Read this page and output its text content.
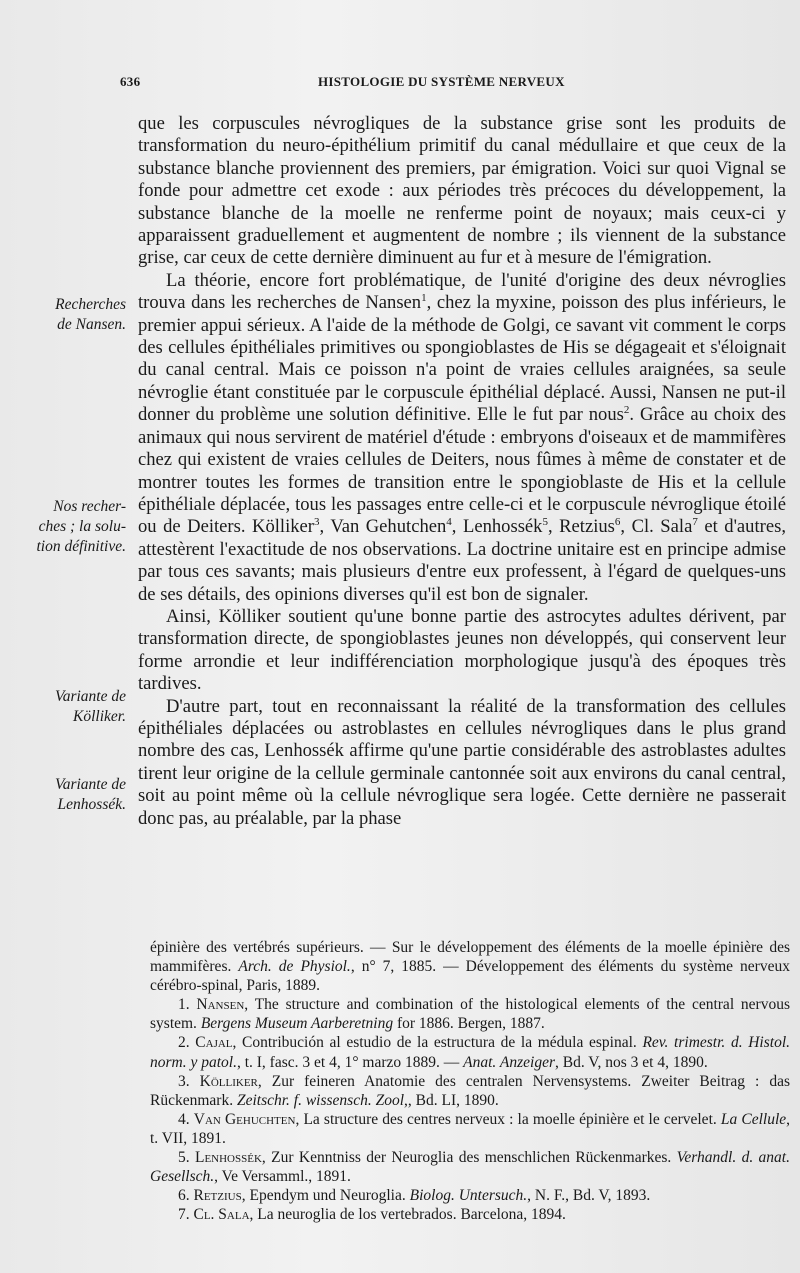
636	HISTOLOGIE DU SYSTÈME NERVEUX
Recherches
de Nansen.
Nos recher-
ches ; la solu-
tion définitive.
Variante de
Kölliker.
Variante de
Lenhossék.

que les corpuscules névrogliques de la substance grise sont les produits de transformation du neuro-épithélium primitif du canal médullaire et que ceux de la substance blanche proviennent des premiers, par émigration. Voici sur quoi Vignal se fonde pour admettre cet exode : aux périodes très précoces du développement, la substance blanche de la moelle ne renferme point de noyaux; mais ceux-ci y apparaissent graduellement et augmentent de nombre ; ils viennent de la substance grise, car ceux de cette dernière diminuent au fur et à mesure de l'émigration.

La théorie, encore fort problématique, de l'unité d'origine des deux névroglies trouva dans les recherches de Nansen$^1$, chez la myxine, poisson des plus inférieurs, le premier appui sérieux. A l'aide de la méthode de Golgi, ce savant vit comment le corps des cellules épithéliales primitives ou spongioblastes de His se dégageait et s'éloignait du canal central. Mais ce poisson n'a point de vraies cellules araignées, sa seule névroglie étant constituée par le corpuscule épithélial déplacé. Aussi, Nansen ne put-il donner du problème une solution définitive. Elle le fut par nous$^2$. Grâce au choix des animaux qui nous servirent de matériel d'étude : embryons d'oiseaux et de mammifères chez qui existent de vraies cellules de Deiters, nous fûmes à même de constater et de montrer toutes les formes de transition entre le spongioblaste de His et la cellule épithéliale déplacée, tous les passages entre celle-ci et le corpuscule névroglique étoilé ou de Deiters. Kölliker$^3$, Van Gehutchen$^4$, Lenhossék$^5$, Retzius$^6$, Cl. Sala$^7$ et d'autres, attestèrent l'exactitude de nos observations. La doctrine unitaire est en principe admise par tous ces savants; mais plusieurs d'entre eux professent, à l'égard de quelques-uns de ses détails, des opinions diverses qu'il est bon de signaler.

Ainsi, Kölliker soutient qu'une bonne partie des astrocytes adultes dérivent, par transformation directe, de spongioblastes jeunes non développés, qui conservent leur forme arrondie et leur indifférenciation morphologique jusqu'à des époques très tardives.

D'autre part, tout en reconnaissant la réalité de la transformation des cellules épithéliales déplacées ou astroblastes en cellules névrogliques dans le plus grand nombre des cas, Lenhossék affirme qu'une partie considérable des astroblastes adultes tirent leur origine de la cellule germinale cantonnée soit aux environs du canal central, soit au point même où la cellule névroglique sera logée. Cette dernière ne passerait donc pas, au préalable, par la phase

épinière des vertébrés supérieurs. — Sur le développement des éléments de la moelle épinière des mammifères. Arch. de Physiol., n° 7, 1885. — Développement des éléments du système nerveux cérébro-spinal, Paris, 1889.

1. Nansen, The structure and combination of the histological elements of the central nervous system. Bergens Museum Aarberetning for 1886. Bergen, 1887.

2. Cajal, Contribución al estudio de la estructura de la médula espinal. Rev. trimestr. d. Histol. norm. y patol., t. I, fasc. 3 et 4, 1° marzo 1889. — Anat. Anzeiger, Bd. V, nos 3 et 4, 1890.

3. Kölliker, Zur feineren Anatomie des centralen Nervensystems. Zweiter Beitrag : das Rückenmark. Zeitschr. f. wissensch. Zool,, Bd. LI, 1890.

4. Van Gehuchten, La structure des centres nerveux : la moelle épinière et le cervelet. La Cellule, t. VII, 1891.

5. Lenhossék, Zur Kenntniss der Neuroglia des menschlichen Rückenmarkes. Verhandl. d. anat. Gesellsch., Ve Versamml., 1891.

6. Retzius, Ependym und Neuroglia. Biolog. Untersuch., N. F., Bd. V, 1893.

7. Cl. Sala, La neuroglia de los vertebrados. Barcelona, 1894.
